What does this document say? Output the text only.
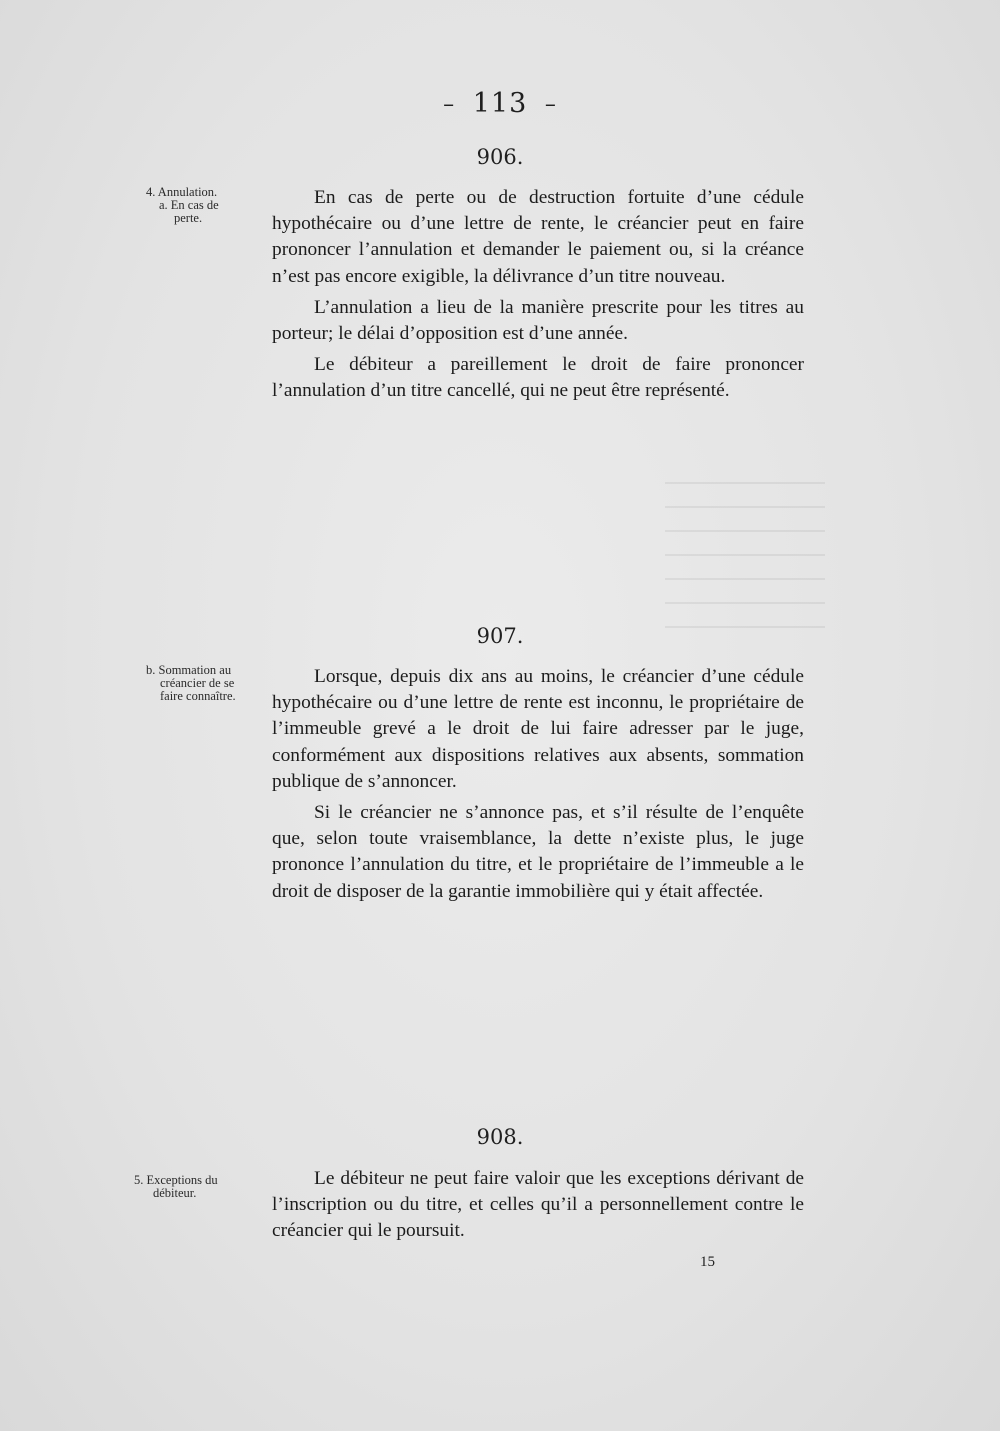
– 113 –
906.
4. Annulation.
a. En cas de
perte.

En cas de perte ou de destruction fortuite d’une cédule hypothécaire ou d’une lettre de rente, le créancier peut en faire prononcer l’annulation et demander le paiement ou, si la créance n’est pas encore exigible, la délivrance d’un titre nouveau.

L’annulation a lieu de la manière prescrite pour les titres au porteur; le délai d’opposition est d’une année.

Le débiteur a pareillement le droit de faire prononcer l’annulation d’un titre cancellé, qui ne peut être représenté.

907.
b. Sommation au
créancier de se
faire connaître.

Lorsque, depuis dix ans au moins, le créancier d’une cédule hypothécaire ou d’une lettre de rente est inconnu, le propriétaire de l’immeuble grevé a le droit de lui faire adresser par le juge, conformément aux dispositions relatives aux absents, sommation publique de s’annoncer.

Si le créancier ne s’annonce pas, et s’il résulte de l’enquête que, selon toute vraisemblance, la dette n’existe plus, le juge prononce l’annulation du titre, et le propriétaire de l’immeuble a le droit de disposer de la garantie immobilière qui y était affectée.

908.
5. Exceptions du
débiteur.

Le débiteur ne peut faire valoir que les exceptions dérivant de l’inscription ou du titre, et celles qu’il a personnellement contre le créancier qui le poursuit.

15
